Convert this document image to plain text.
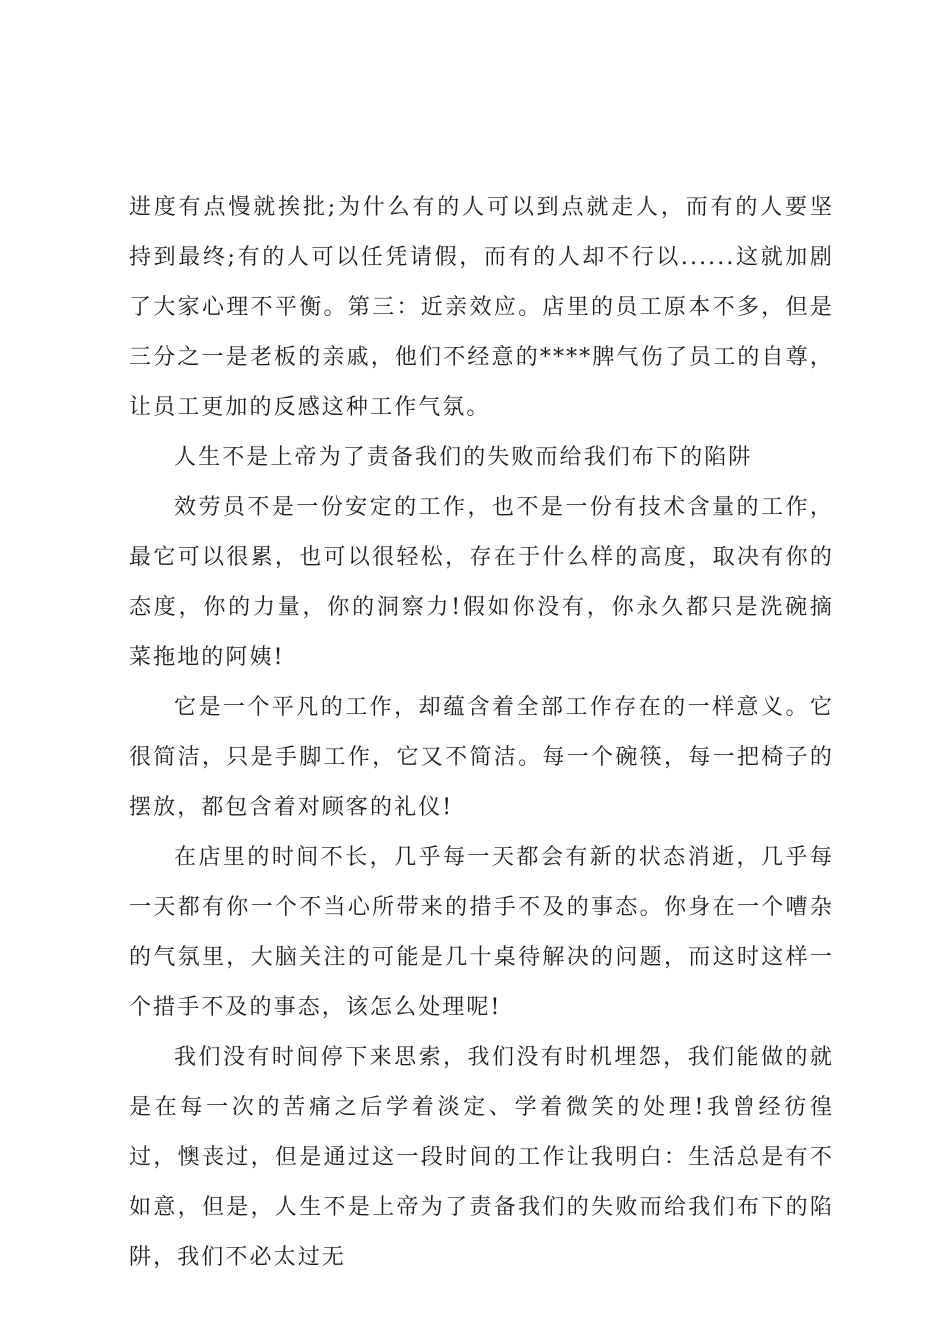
进度有点慢就挨批;为什么有的人可以到点就走人，而有的人要坚持到最终;有的人可以任凭请假，而有的人却不行以......这就加剧了大家心理不平衡。第三：近亲效应。店里的员工原本不多，但是三分之一是老板的亲戚，他们不经意的****脾气伤了员工的自尊，让员工更加的反感这种工作气氛。

人生不是上帝为了责备我们的失败而给我们布下的陷阱

效劳员不是一份安定的工作，也不是一份有技术含量的工作，最它可以很累，也可以很轻松，存在于什么样的高度，取决有你的态度，你的力量，你的洞察力!假如你没有，你永久都只是洗碗摘菜拖地的阿姨!

它是一个平凡的工作，却蕴含着全部工作存在的一样意义。它很简洁，只是手脚工作，它又不简洁。每一个碗筷，每一把椅子的摆放，都包含着对顾客的礼仪!

在店里的时间不长，几乎每一天都会有新的状态消逝，几乎每一天都有你一个不当心所带来的措手不及的事态。你身在一个嘈杂的气氛里，大脑关注的可能是几十桌待解决的问题，而这时这样一个措手不及的事态，该怎么处理呢!

我们没有时间停下来思索，我们没有时机埋怨，我们能做的就是在每一次的苦痛之后学着淡定、学着微笑的处理!我曾经彷徨过，懊丧过，但是通过这一段时间的工作让我明白：生活总是有不如意，但是，人生不是上帝为了责备我们的失败而给我们布下的陷阱，我们不必太过无
